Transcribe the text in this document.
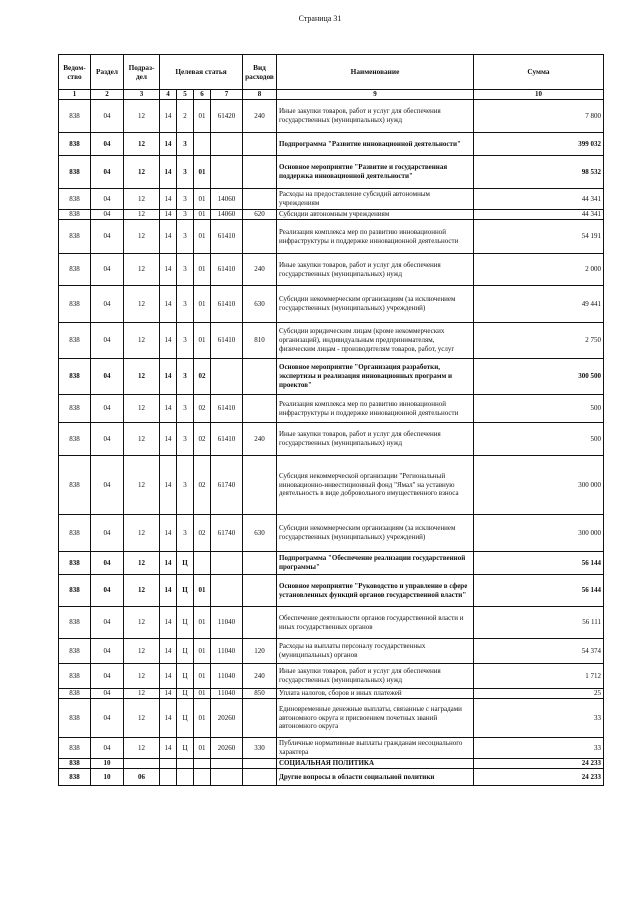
Страница 31
Ведом-ство	Раздел	Подраз-дел	Целевая статья				Вид расходов	Наименование	Сумма
1	2	3	4	5	6	7	8	9	10
838	04	12	14	2	01	61420	240	Иные закупки товаров, работ и услуг для обеспечения государственных (муниципальных) нужд	7 800
838	04	12	14	3				Подпрограмма "Развитие инновационной деятельности"	399 032
838	04	12	14	3	01			Основное мероприятие "Развитие и государственная поддержка инновационной деятельности"	98 532
838	04	12	14	3	01	14060		Расходы на предоставление субсидий автономным учреждениям	44 341
838	04	12	14	3	01	14060	620	Субсидии автономным учреждениям	44 341
838	04	12	14	3	01	61410		Реализация комплекса мер по развитию инновационной инфраструктуры и поддержке инновационной деятельности	54 191
838	04	12	14	3	01	61410	240	Иные закупки товаров, работ и услуг для обеспечения государственных (муниципальных) нужд	2 000
838	04	12	14	3	01	61410	630	Субсидии некоммерческим организациям (за исключением государственных (муниципальных) учреждений)	49 441
838	04	12	14	3	01	61410	810	Субсидии юридическим лицам (кроме некоммерческих организаций), индивидуальным предпринимателям, физическим лицам - производителям товаров, работ, услуг	2 750
838	04	12	14	3	02			Основное мероприятие "Организация разработки, экспертизы и реализация инновационных программ и проектов"	300 500
838	04	12	14	3	02	61410		Реализация комплекса мер по развитию инновационной инфраструктуры и поддержке инновационной деятельности	500
838	04	12	14	3	02	61410	240	Иные закупки товаров, работ и услуг для обеспечения государственных (муниципальных) нужд	500
838	04	12	14	3	02	61740		Субсидия некоммерческой организации "Региональный инновационно-инвестиционный фонд "Ямал" на уставную деятельность в виде добровольного имущественного взноса	300 000
838	04	12	14	3	02	61740	630	Субсидии некоммерческим организациям (за исключением государственных (муниципальных) учреждений)	300 000
838	04	12	14	Ц				Подпрограмма "Обеспечение реализации государственной программы"	56 144
838	04	12	14	Ц	01			Основное мероприятие "Руководство и управление в сфере установленных функций органов государственной власти"	56 144
838	04	12	14	Ц	01	11040		Обеспечение деятельности органов государственной власти и иных государственных органов	56 111
838	04	12	14	Ц	01	11040	120	Расходы на выплаты персоналу государственных (муниципальных) органов	54 374
838	04	12	14	Ц	01	11040	240	Иные закупки товаров, работ и услуг для обеспечения государственных (муниципальных) нужд	1 712
838	04	12	14	Ц	01	11040	850	Уплата налогов, сборов и иных платежей	25
838	04	12	14	Ц	01	20260		Единовременные денежные выплаты, связанные с наградами автономного округа и присвоением почетных званий автономного округа	33
838	04	12	14	Ц	01	20260	330	Публичные нормативные выплаты гражданам несоциального характера	33
838	10							СОЦИАЛЬНАЯ ПОЛИТИКА	24 233
838	10	06						Другие вопросы в области социальной политики	24 233
